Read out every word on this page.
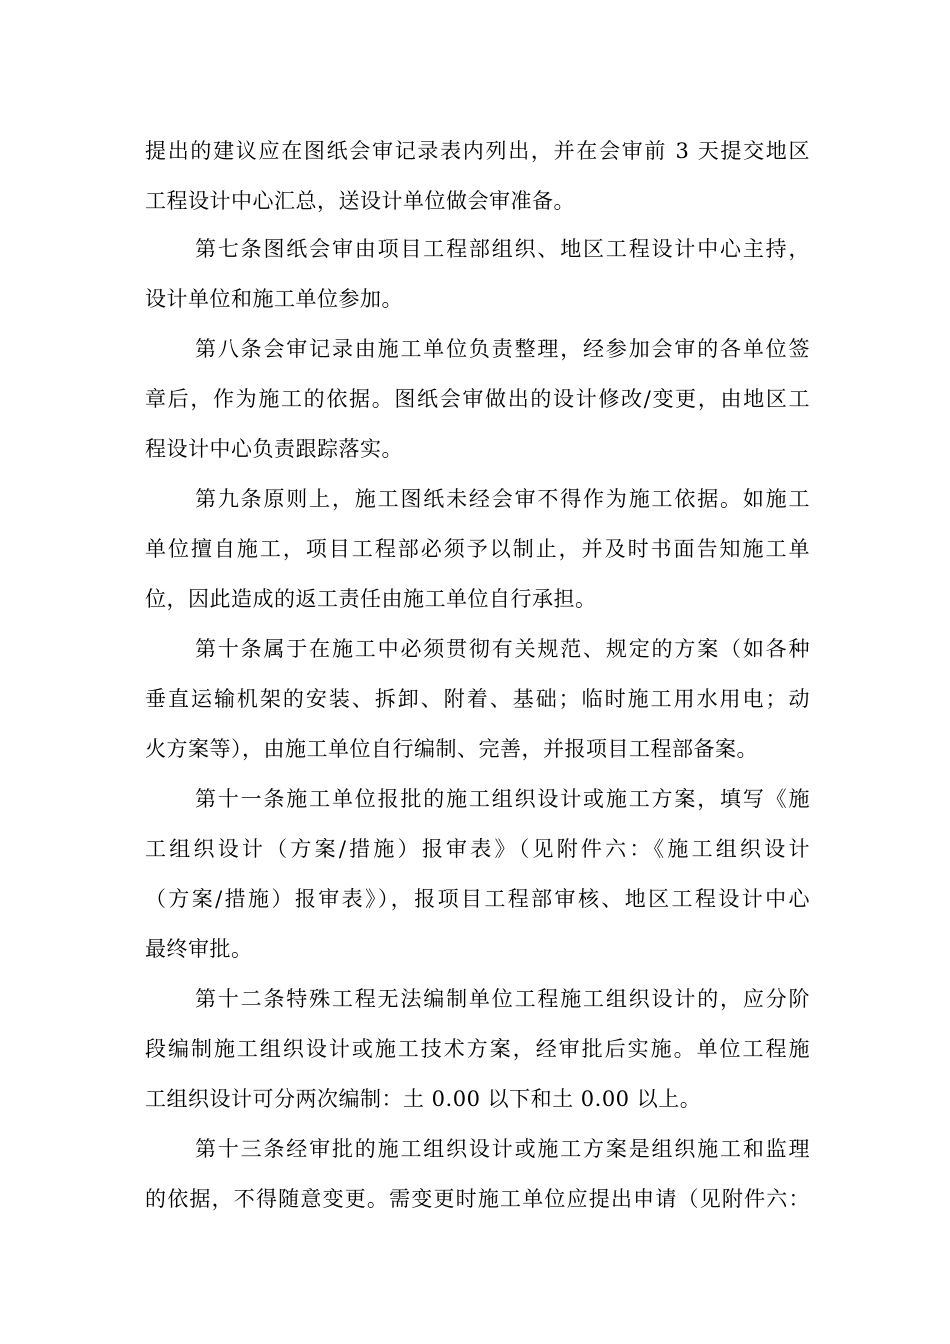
提出的建议应在图纸会审记录表内列出，并在会审前 3 天提交地区
工程设计中心汇总，送设计单位做会审准备。
第七条图纸会审由项目工程部组织、地区工程设计中心主持，
设计单位和施工单位参加。
第八条会审记录由施工单位负责整理，经参加会审的各单位签
章后，作为施工的依据。图纸会审做出的设计修改/变更，由地区工
程设计中心负责跟踪落实。
第九条原则上，施工图纸未经会审不得作为施工依据。如施工
单位擅自施工，项目工程部必须予以制止，并及时书面告知施工单
位，因此造成的返工责任由施工单位自行承担。
第十条属于在施工中必须贯彻有关规范、规定的方案（如各种
垂直运输机架的安装、拆卸、附着、基础；临时施工用水用电；动
火方案等），由施工单位自行编制、完善，并报项目工程部备案。
第十一条施工单位报批的施工组织设计或施工方案，填写《施
工组织设计（方案/措施）报审表》（见附件六：《施工组织设计
（方案/措施）报审表》），报项目工程部审核、地区工程设计中心
最终审批。
第十二条特殊工程无法编制单位工程施工组织设计的，应分阶
段编制施工组织设计或施工技术方案，经审批后实施。单位工程施
工组织设计可分两次编制：土 0.00 以下和土 0.00 以上。
第十三条经审批的施工组织设计或施工方案是组织施工和监理
的依据，不得随意变更。需变更时施工单位应提出申请（见附件六：
